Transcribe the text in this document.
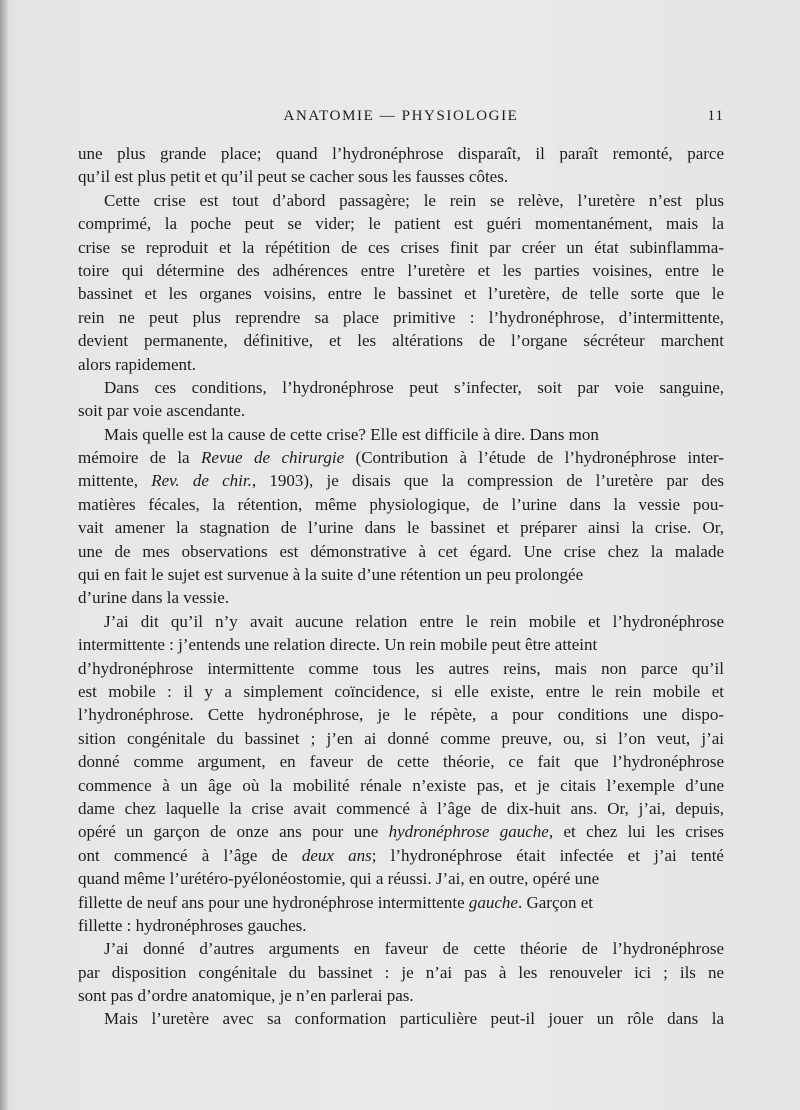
ANATOMIE — PHYSIOLOGIE	11
une plus grande place; quand l’hydronéphrose disparaît, il paraît remonté, parce
qu’il est plus petit et qu’il peut se cacher sous les fausses côtes.
Cette crise est tout d’abord passagère; le rein se relève, l’uretère n’est plus
comprimé, la poche peut se vider; le patient est guéri momentanément, mais la
crise se reproduit et la répétition de ces crises finit par créer un état subinflamma-
toire qui détermine des adhérences entre l’uretère et les parties voisines, entre le
bassinet et les organes voisins, entre le bassinet et l’uretère, de telle sorte que le
rein ne peut plus reprendre sa place primitive : l’hydronéphrose, d’intermittente,
devient permanente, définitive, et les altérations de l’organe sécréteur marchent
alors rapidement.
Dans ces conditions, l’hydronéphrose peut s’infecter, soit par voie sanguine,
soit par voie ascendante.
Mais quelle est la cause de cette crise? Elle est difficile à dire. Dans mon
mémoire de la Revue de chirurgie (Contribution à l’étude de l’hydronéphrose inter-
mittente, Rev. de chir., 1903), je disais que la compression de l’uretère par des
matières fécales, la rétention, même physiologique, de l’urine dans la vessie pou-
vait amener la stagnation de l’urine dans le bassinet et préparer ainsi la crise. Or,
une de mes observations est démonstrative à cet égard. Une crise chez la malade
qui en fait le sujet est survenue à la suite d’une rétention un peu prolongée
d’urine dans la vessie.
J’ai dit qu’il n’y avait aucune relation entre le rein mobile et l’hydronéphrose
intermittente : j’entends une relation directe. Un rein mobile peut être atteint
d’hydronéphrose intermittente comme tous les autres reins, mais non parce qu’il
est mobile : il y a simplement coïncidence, si elle existe, entre le rein mobile et
l’hydronéphrose. Cette hydronéphrose, je le répète, a pour conditions une dispo-
sition congénitale du bassinet ; j’en ai donné comme preuve, ou, si l’on veut, j’ai
donné comme argument, en faveur de cette théorie, ce fait que l’hydronéphrose
commence à un âge où la mobilité rénale n’existe pas, et je citais l’exemple d’une
dame chez laquelle la crise avait commencé à l’âge de dix-huit ans. Or, j’ai, depuis,
opéré un garçon de onze ans pour une hydronéphrose gauche, et chez lui les crises
ont commencé à l’âge de deux ans; l’hydronéphrose était infectée et j’ai tenté
quand même l’urétéro-pyélonéostomie, qui a réussi. J’ai, en outre, opéré une
fillette de neuf ans pour une hydronéphrose intermittente gauche. Garçon et
fillette : hydronéphroses gauches.
J’ai donné d’autres arguments en faveur de cette théorie de l’hydronéphrose
par disposition congénitale du bassinet : je n’ai pas à les renouveler ici ; ils ne
sont pas d’ordre anatomique, je n’en parlerai pas.
Mais l’uretère avec sa conformation particulière peut-il jouer un rôle dans la
